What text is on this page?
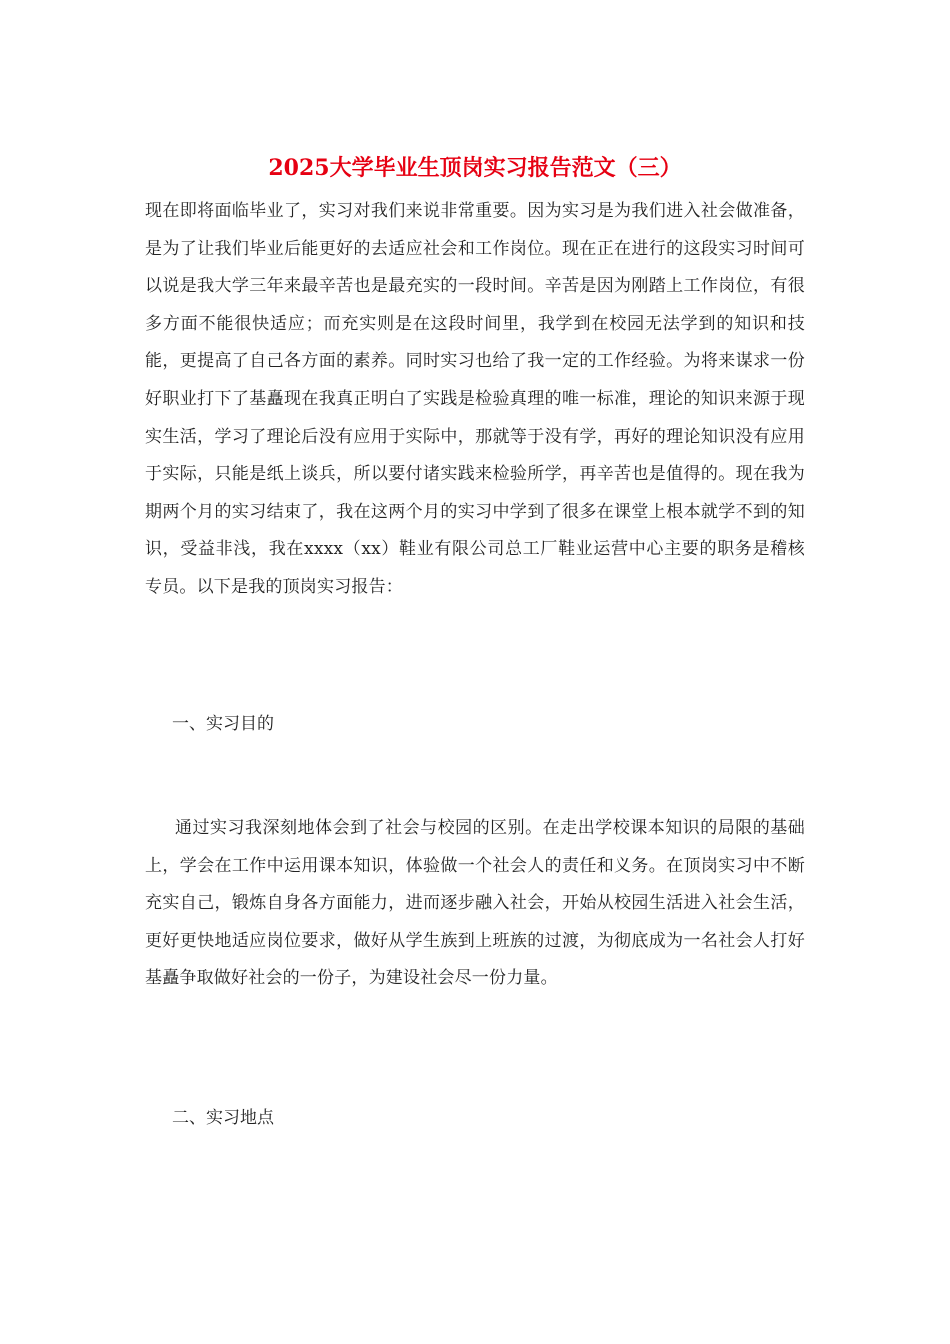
2025大学毕业生顶岗实习报告范文（三）

现在即将面临毕业了，实习对我们来说非常重要。因为实习是为我们进入社会做准备，是为了让我们毕业后能更好的去适应社会和工作岗位。现在正在进行的这段实习时间可以说是我大学三年来最辛苦也是最充实的一段时间。辛苦是因为刚踏上工作岗位，有很多方面不能很快适应；而充实则是在这段时间里，我学到在校园无法学到的知识和技能，更提高了自己各方面的素养。同时实习也给了我一定的工作经验。为将来谋求一份好职业打下了基矗现在我真正明白了实践是检验真理的唯一标准，理论的知识来源于现实生活，学习了理论后没有应用于实际中，那就等于没有学，再好的理论知识没有应用于实际，只能是纸上谈兵，所以要付诸实践来检验所学，再辛苦也是值得的。现在我为期两个月的实习结束了，我在这两个月的实习中学到了很多在课堂上根本就学不到的知识，受益非浅，我在xxxx（xx）鞋业有限公司总工厂鞋业运营中心主要的职务是稽核专员。以下是我的顶岗实习报告：

一、实习目的

通过实习我深刻地体会到了社会与校园的区别。在走出学校课本知识的局限的基础上，学会在工作中运用课本知识，体验做一个社会人的责任和义务。在顶岗实习中不断充实自己，锻炼自身各方面能力，进而逐步融入社会，开始从校园生活进入社会生活，更好更快地适应岗位要求，做好从学生族到上班族的过渡，为彻底成为一名社会人打好基矗争取做好社会的一份子，为建设社会尽一份力量。

二、实习地点
